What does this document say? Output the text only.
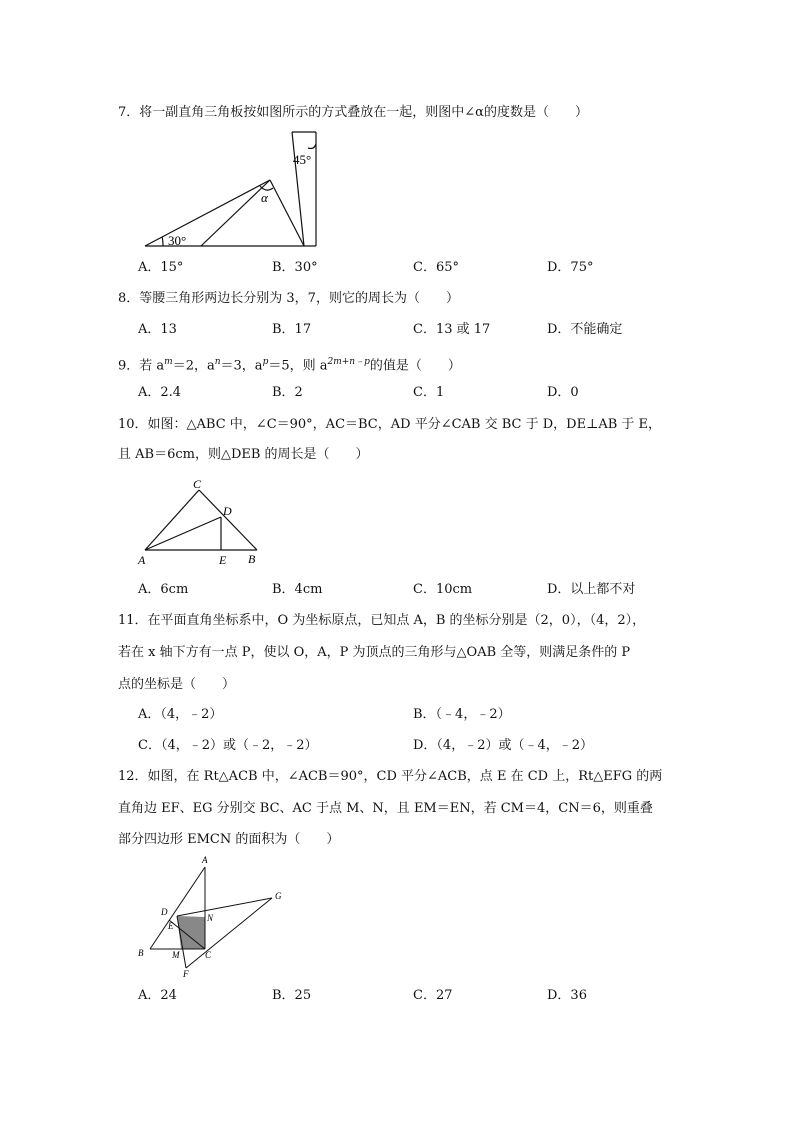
7．将一副直角三角板按如图所示的方式叠放在一起，则图中∠α的度数是（　　）
45°
α
30°
A．15°	B．30°	C．65°	D．75°
8．等腰三角形两边长分别为 3，7，则它的周长为（　　）
A．13	B．17	C．13 或 17	D．不能确定
9．若 $a^m=2$，$a^n=3$，$a^p=5$，则 $a^{2m+n﹣p}$的值是（　　）
A．2.4	B．2	C．1	D．0
10．如图：△ABC 中，∠C＝90°，AC＝BC，AD 平分∠CAB 交 BC 于 D，DE⊥AB 于 E，
且 AB＝6cm，则△DEB 的周长是（　　）
C
D
A	E B
A．6cm	B．4cm	C．10cm	D．以上都不对
11．在平面直角坐标系中，O 为坐标原点，已知点 A，B 的坐标分别是（2，0），（4，2），
若在 x 轴下方有一点 P，使以 O，A，P 为顶点的三角形与△OAB 全等，则满足条件的 P
点的坐标是（　　）
A．（4，﹣2）	B．（﹣4，﹣2）
C．（4，﹣2）或（﹣2，﹣2）	D．（4，﹣2）或（﹣4，﹣2）
12．如图，在 Rt△ACB 中，∠ACB＝90°，CD 平分∠ACB，点 E 在 CD 上，Rt△EFG 的两
直角边 EF、EG 分别交 BC、AC 于点 M、N，且 EM＝EN，若 CM＝4，CN＝6，则重叠
部分四边形 EMCN 的面积为（　　）
A
G
D
E
N
B	M	C
F
A．24	B．25	C．27	D．36
